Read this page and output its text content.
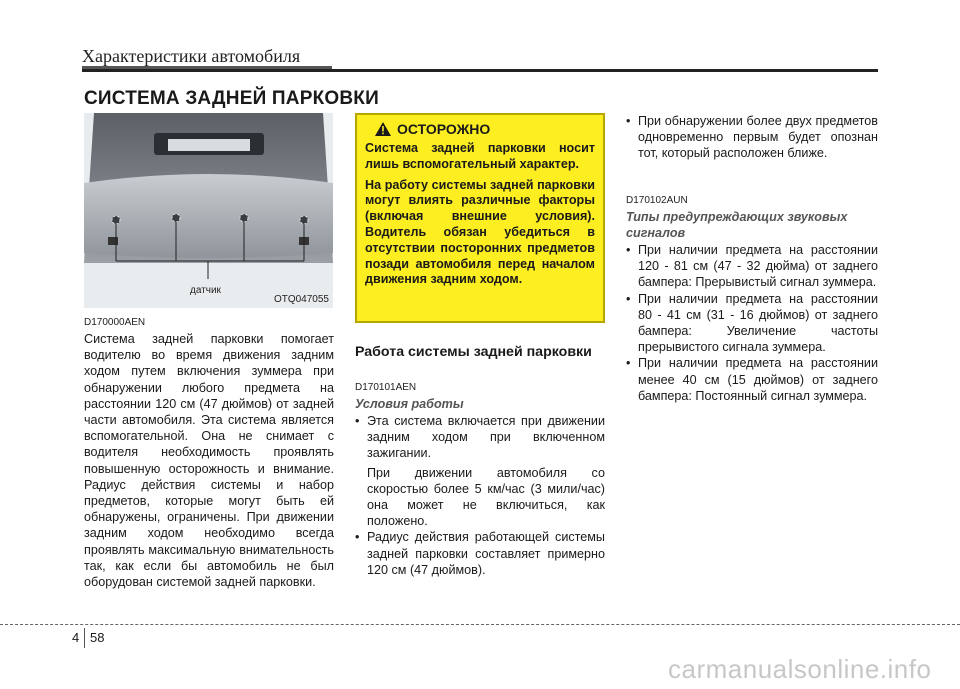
Характеристики автомобиля
СИСТЕМА ЗАДНЕЙ ПАРКОВКИ
датчик
OTQ047055
D170000AEN
Система задней парковки помогает водителю во время движения задним ходом путем включения зуммера при обнаружении любого предмета на расстоянии 120 см (47 дюймов) от задней части автомобиля. Эта система является вспомогательной. Она не снимает с водителя необходимость проявлять повышенную осторожность и внимание. Радиус действия системы и набор предметов, которые могут быть ей обнаружены, ограничены. При движении задним ходом необходимо всегда проявлять максимальную внимательность так, как если бы автомобиль не был оборудован системой задней парковки.
ОСТОРОЖНО

Система задней парковки носит лишь вспомогательный характер.

На работу системы задней парковки могут влиять различные факторы (включая внешние условия). Водитель обязан убедиться в отсутствии посторонних предметов позади автомобиля перед началом движения задним ходом.

Работа системы задней парковки
D170101AEN
Условия работы
• Эта система включается при движении задним ходом при включенном зажигании.
При движении автомобиля со скоростью более 5 км/час (3 мили/час) она может не включиться, как положено.
• Радиус действия работающей системы задней парковки составляет примерно 120 см (47 дюймов).
• При обнаружении более двух предметов одновременно первым будет опознан тот, который расположен ближе.
D170102AUN
Типы предупреждающих звуковых сигналов
• При наличии предмета на расстоянии 120 - 81 см (47 - 32 дюйма) от заднего бампера: Прерывистый сигнал зуммера.
• При наличии предмета на расстоянии 80 - 41 см (31 - 16 дюймов) от заднего бампера: Увеличение частоты прерывистого сигнала зуммера.
• При наличии предмета на расстоянии менее 40 см (15 дюймов) от заднего бампера: Постоянный сигнал зуммера.
4 58
carmanualsonline.info
